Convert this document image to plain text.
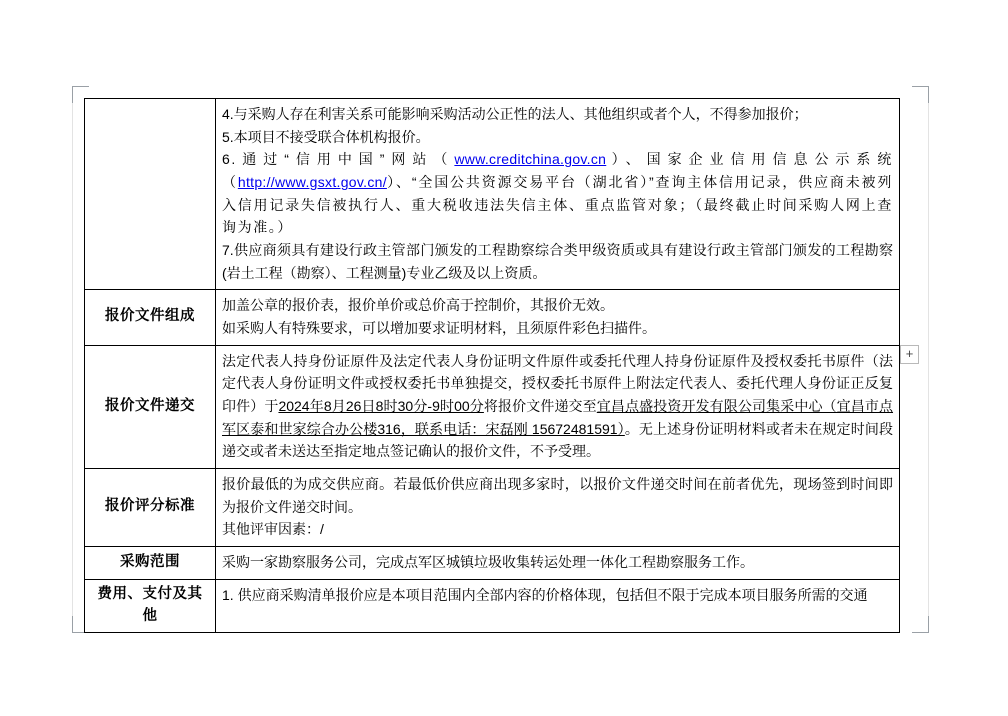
	4.与采购人存在利害关系可能影响采购活动公正性的法人、其他组织或者个人，不得参加报价；

5.本项目不接受联合体机构报价。

6.通过“信用中国”网站（www.creditchina.gov.cn）、国家企业信用信息公示系统（http://www.gsxt.gov.cn/）、“全国公共资源交易平台（湖北省）”查询主体信用记录，供应商未被列入信用记录失信被执行人、重大税收违法失信主体、重点监管对象；（最终截止时间采购人网上查询为准。）

7.供应商须具有建设行政主管部门颁发的工程勘察综合类甲级资质或具有建设行政主管部门颁发的工程勘察(岩土工程（勘察）、工程测量)专业乙级及以上资质。

报价文件组成	加盖公章的报价表，报价单价或总价高于控制价，其报价无效。

如采购人有特殊要求，可以增加要求证明材料，且须原件彩色扫描件。

报价文件递交	法定代表人持身份证原件及法定代表人身份证明文件原件或委托代理人持身份证原件及授权委托书原件（法定代表人身份证明文件或授权委托书单独提交，授权委托书原件上附法定代表人、委托代理人身份证正反复印件）于2024年8月26日8时30分-9时00分将报价文件递交至宜昌点盛投资开发有限公司集采中心（宜昌市点军区泰和世家综合办公楼316，联系电话：宋磊刚 15672481591）。无上述身份证明材料或者未在规定时间段递交或者未送达至指定地点签记确认的报价文件，不予受理。

报价评分标准	报价最低的为成交供应商。若最低价供应商出现多家时，以报价文件递交时间在前者优先，现场签到时间即为报价文件递交时间。

其他评审因素：/

采购范围	采购一家勘察服务公司，完成点军区城镇垃圾收集转运处理一体化工程勘察服务工作。

费用、支付及其他	1. 供应商采购清单报价应是本项目范围内全部内容的价格体现，包括但不限于完成本项目服务所需的交通

+
